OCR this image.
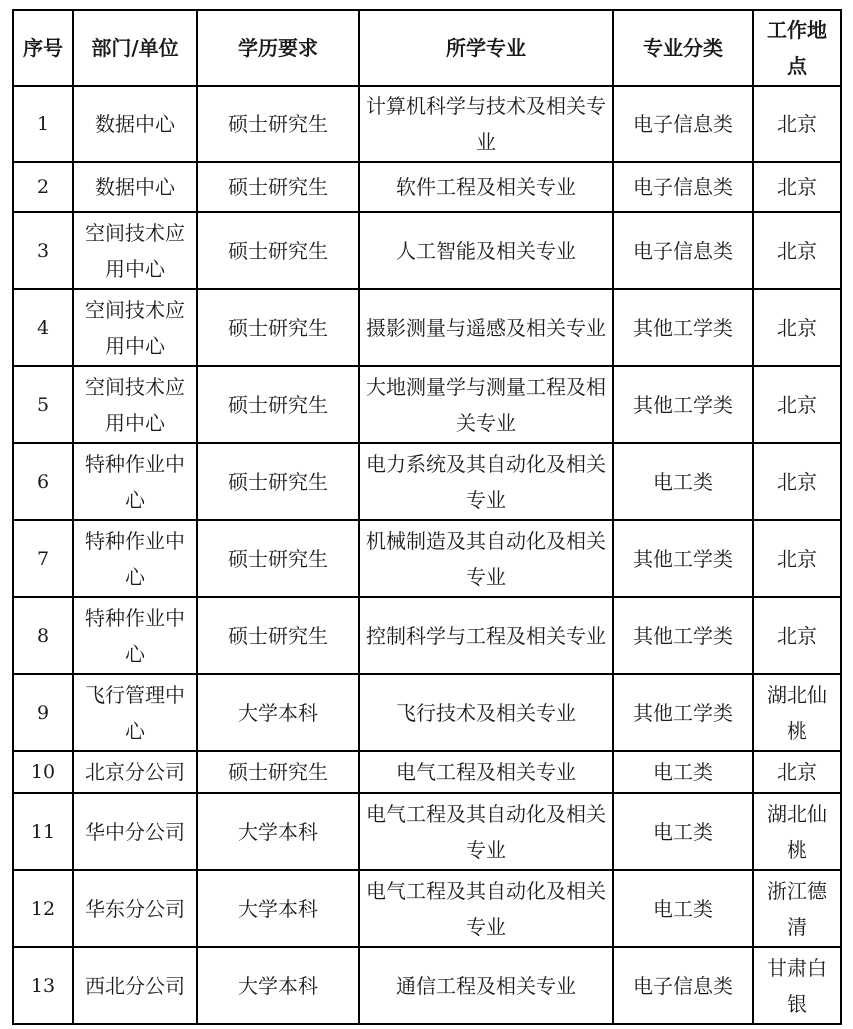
序号	部门/单位	学历要求	所学专业	专业分类	工作地点
1	数据中心	硕士研究生	计算机科学与技术及相关专业	电子信息类	北京
2	数据中心	硕士研究生	软件工程及相关专业	电子信息类	北京
3	空间技术应用中心	硕士研究生	人工智能及相关专业	电子信息类	北京
4	空间技术应用中心	硕士研究生	摄影测量与遥感及相关专业	其他工学类	北京
5	空间技术应用中心	硕士研究生	大地测量学与测量工程及相关专业	其他工学类	北京
6	特种作业中心	硕士研究生	电力系统及其自动化及相关专业	电工类	北京
7	特种作业中心	硕士研究生	机械制造及其自动化及相关专业	其他工学类	北京
8	特种作业中心	硕士研究生	控制科学与工程及相关专业	其他工学类	北京
9	飞行管理中心	大学本科	飞行技术及相关专业	其他工学类	湖北仙桃
10	北京分公司	硕士研究生	电气工程及相关专业	电工类	北京
11	华中分公司	大学本科	电气工程及其自动化及相关专业	电工类	湖北仙桃
12	华东分公司	大学本科	电气工程及其自动化及相关专业	电工类	浙江德清
13	西北分公司	大学本科	通信工程及相关专业	电子信息类	甘肃白银
